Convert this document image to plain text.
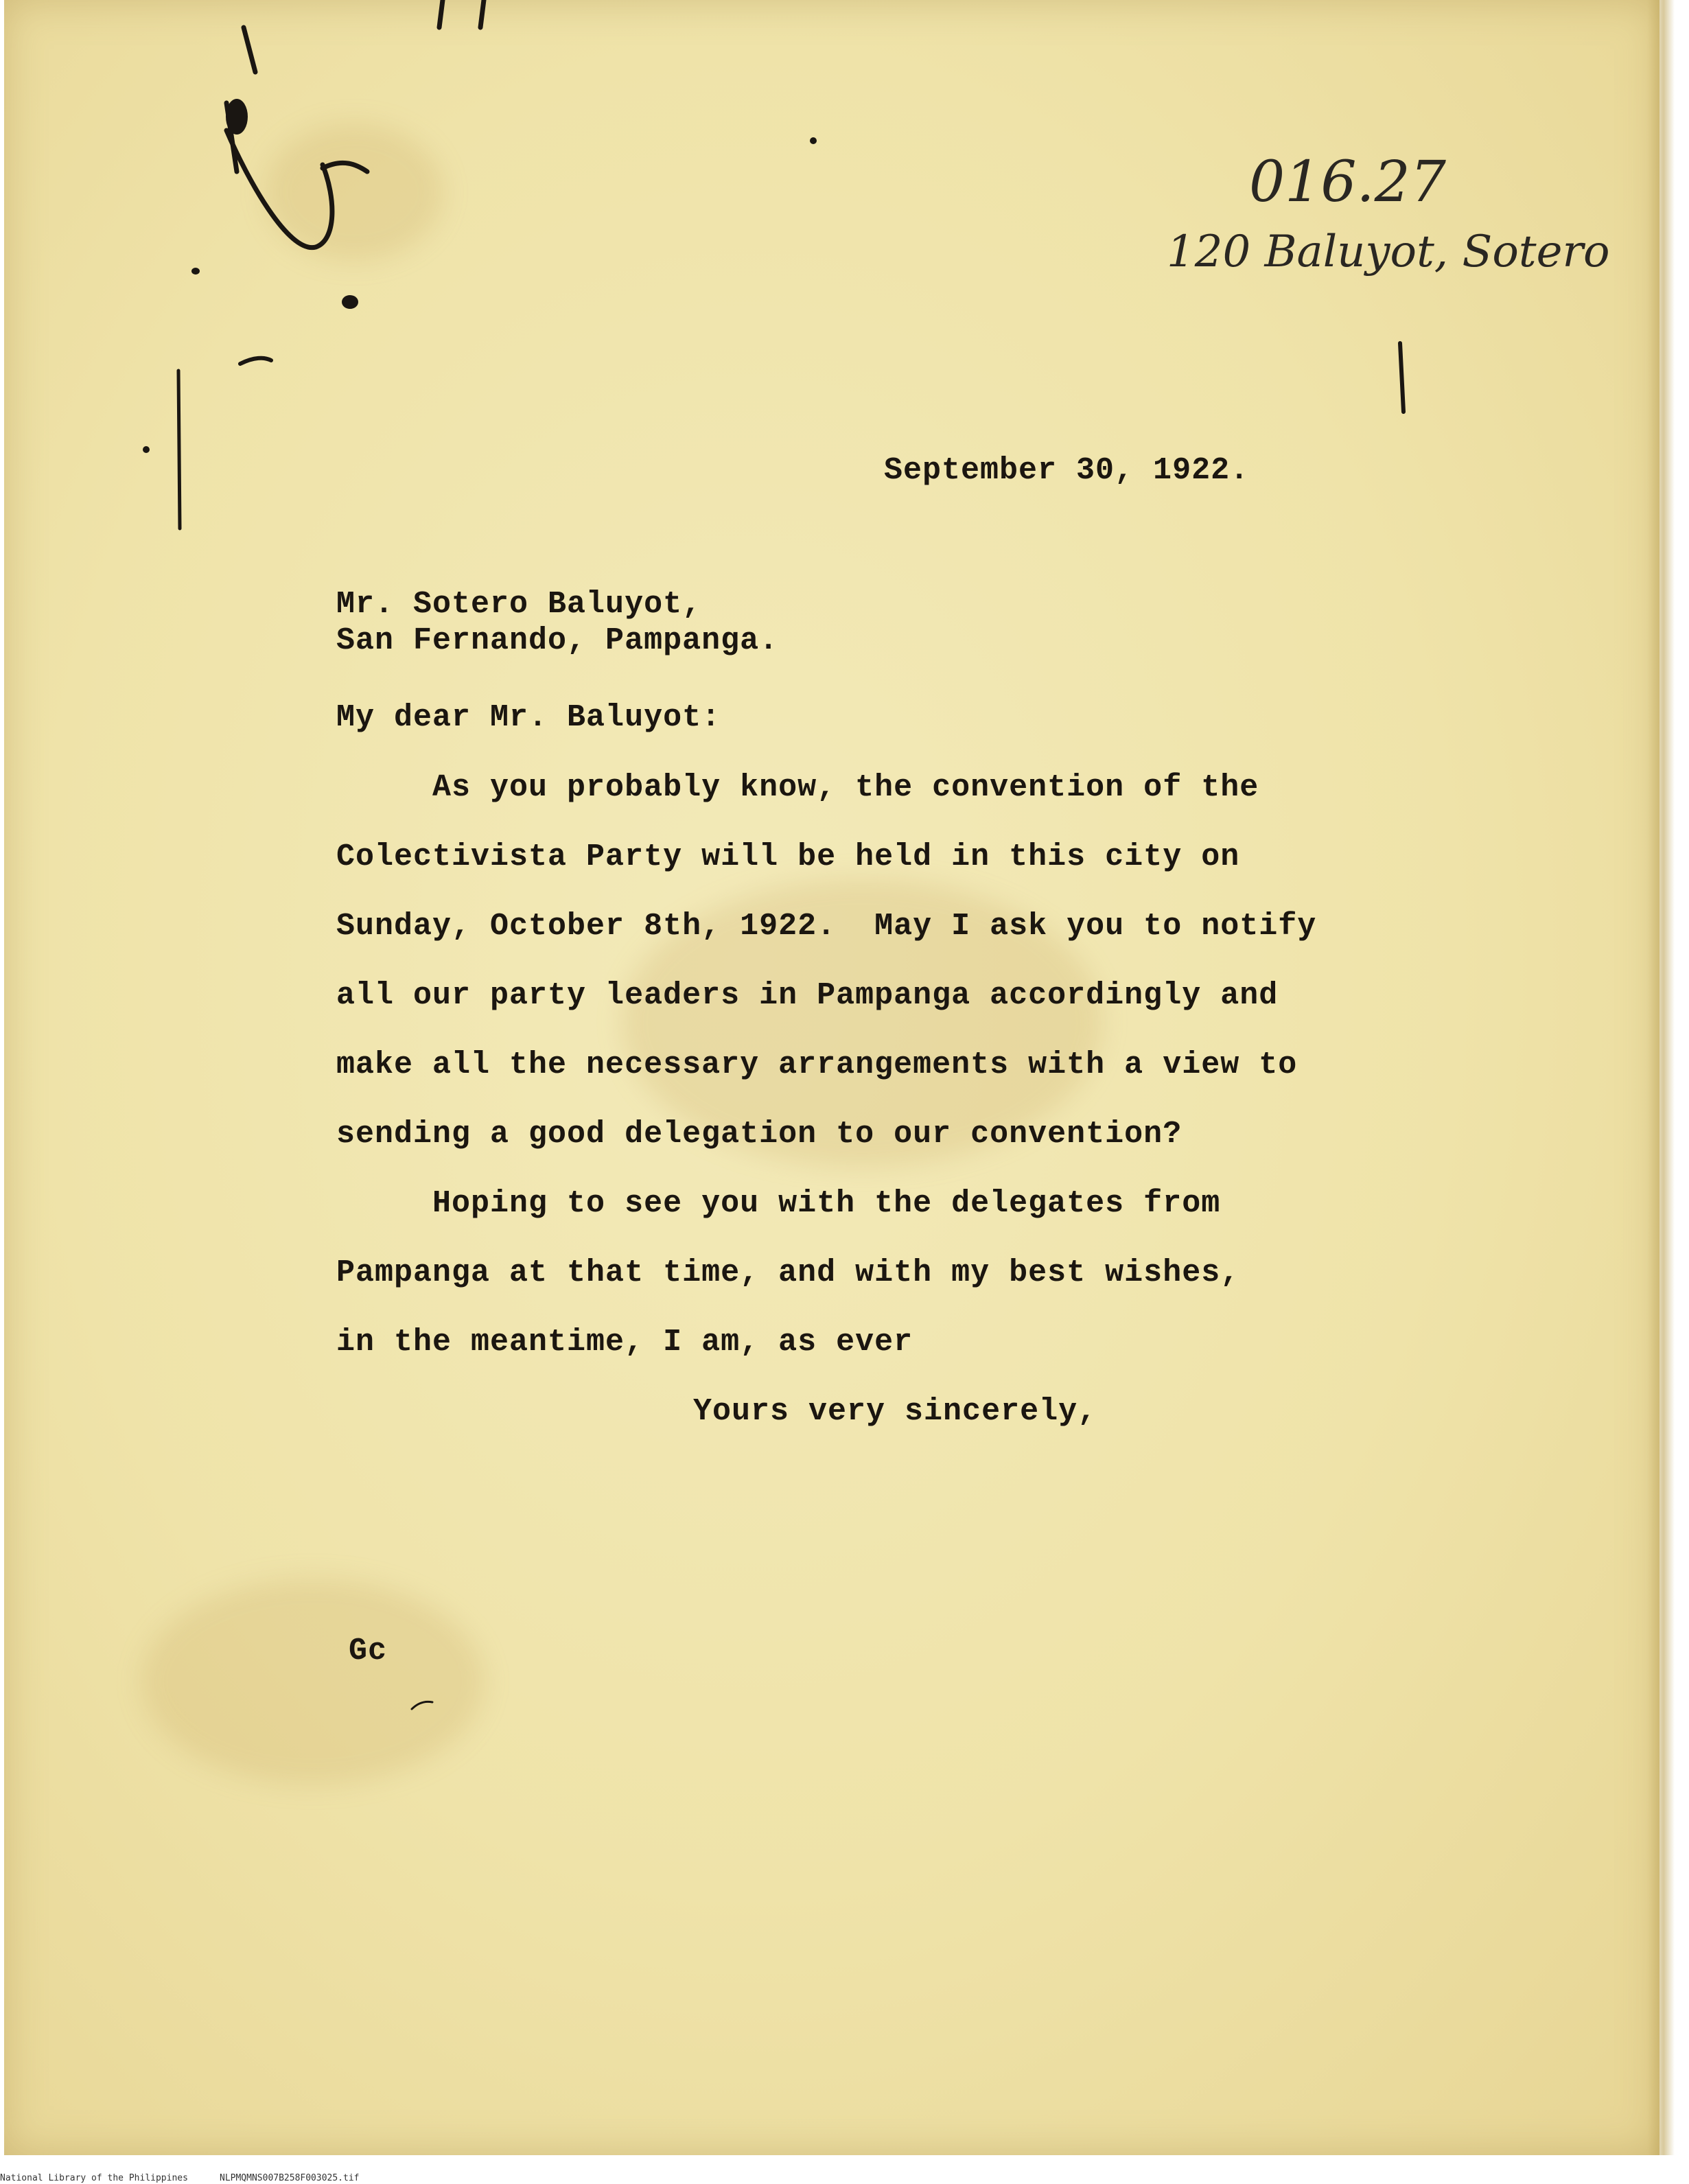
016.27
120 Baluyot, Sotero
September 30, 1922.
Mr. Sotero Baluyot,
San Fernando, Pampanga.
My dear Mr. Baluyot:
As you probably know, the convention of the
Colectivista Party will be held in this city on
Sunday, October 8th, 1922.  May I ask you to notify
all our party leaders in Pampanga accordingly and
make all the necessary arrangements with a view to
sending a good delegation to our convention?
Hoping to see you with the delegates from
Pampanga at that time, and with my best wishes,
in the meantime, I am, as ever
Yours very sincerely,
Gc
National Library of the Philippines	NLPMQMNS007B258F003025.tif
